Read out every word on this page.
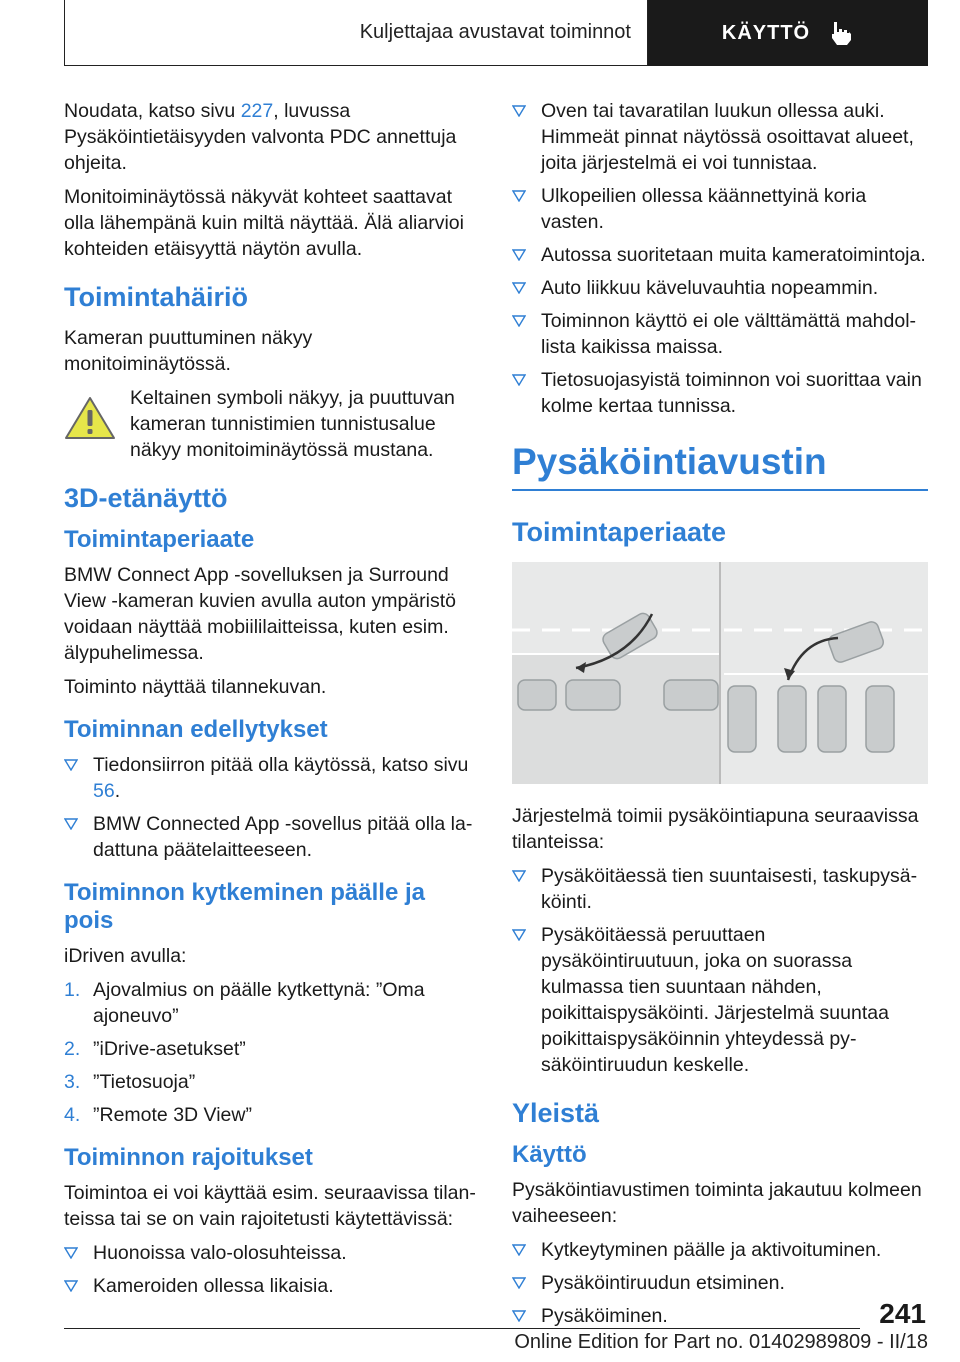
Kuljettajaa avustavat toiminnot	KÄYTTÖ

Noudata, katso sivu 227, luvussa Pysäköintietäisyyden valvonta PDC annettuja ohjeita.

Monitoiminäytössä näkyvät kohteet saattavat olla lähempänä kuin miltä näyttää. Älä aliarvioi kohteiden etäisyyttä näytön avulla.

Toimintahäiriö

Kameran puuttuminen näkyy monitoiminäytössä.

Keltainen symboli näkyy, ja puuttuvan kameran tunnistimien tunnistusalue näkyy monitoiminäytössä mustana.

3D-etänäyttö
Toimintaperiaate

BMW Connect App -sovelluksen ja Surround View -kameran kuvien avulla auton ympäristö voidaan näyttää mobiililaitteissa, kuten esim. älypuhelimessa.

Toiminto näyttää tilannekuvan.

Toiminnan edellytykset
Tiedonsiirron pitää olla käytössä, katso sivu 56.
BMW Connected App -sovellus pitää olla ladattuna päätelaitteeseen.
Toiminnon kytkeminen päälle ja pois

iDriven avulla:

1. Ajovalmius on päälle kytkettynä: ”Oma ajoneuvo”
2. ”iDrive-asetukset”
3. ”Tietosuoja”
4. ”Remote 3D View”
Toiminnon rajoitukset

Toimintoa ei voi käyttää esim. seuraavissa tilanteissa tai se on vain rajoitetusti käytettävissä:

Huonoissa valo-olosuhteissa.
Kameroiden ollessa likaisia.
Oven tai tavaratilan luukun ollessa auki. Himmeät pinnat näytössä osoittavat alueet, joita järjestelmä ei voi tunnistaa.
Ulkopeilien ollessa käännettyinä koria vasten.
Autossa suoritetaan muita kameratoimintoja.
Auto liikkuu käveluvauhtia nopeammin.
Toiminnon käyttö ei ole välttämättä mahdollista kaikissa maissa.
Tietosuojasyistä toiminnon voi suorittaa vain kolme kertaa tunnissa.
Pysäköintiavustin
Toimintaperiaate

Järjestelmä toimii pysäköintiapuna seuraavissa tilanteissa:

Pysäköitäessä tien suuntaisesti, taskupysäköinti.
Pysäköitäessä peruuttaen pysäköintiruutuun, joka on suorassa kulmassa tien suuntaan nähden, poikittaispysäköinti. Järjestelmä suuntaa poikittaispysäköinnin yhteydessä pysäköintiruudun keskelle.
Yleistä
Käyttö

Pysäköintiavustimen toiminta jakautuu kolmeen vaiheeseen:

Kytkeytyminen päälle ja aktivoituminen.
Pysäköintiruudun etsiminen.
Pysäköiminen.	241
Online Edition for Part no. 01402989809 - II/18
